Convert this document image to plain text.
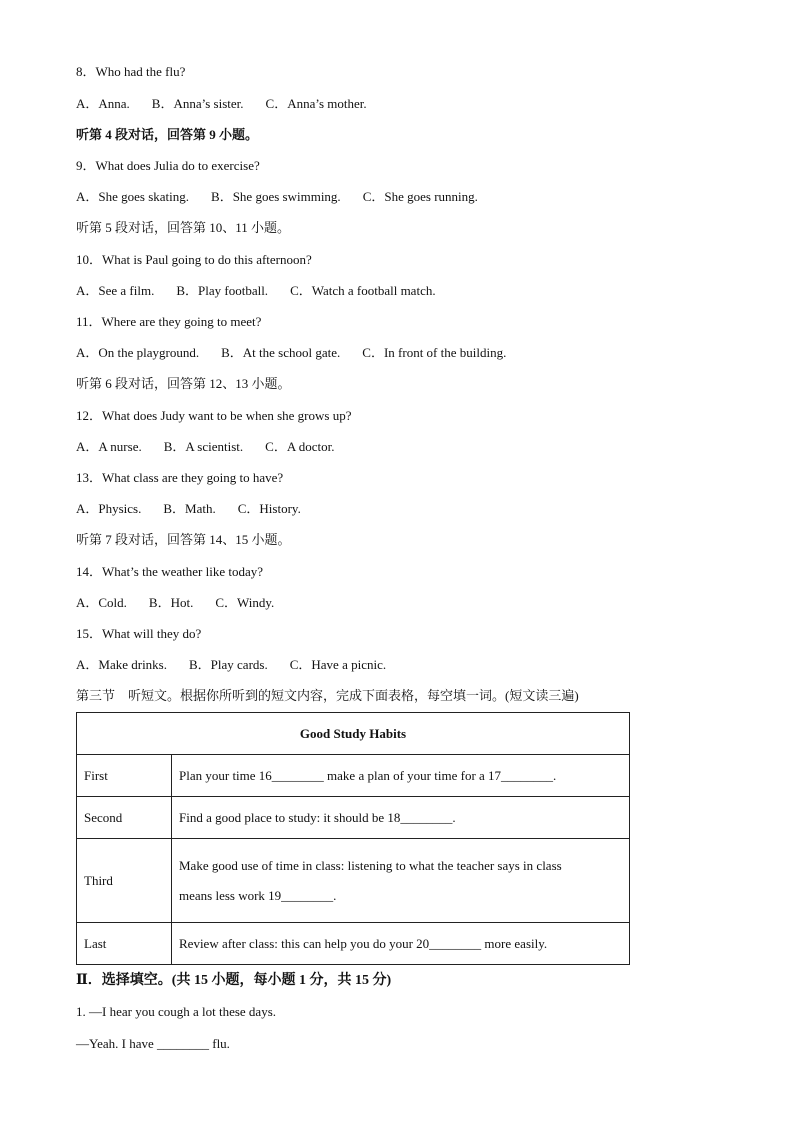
8．Who had the flu?
A．Anna. B．Anna’s sister. C．Anna’s mother.
听第 4 段对话，回答第 9 小题。
9．What does Julia do to exercise?
A．She goes skating. B．She goes swimming. C．She goes running.
听第 5 段对话，回答第 10、11 小题。
10．What is Paul going to do this afternoon?
A．See a film. B．Play football. C．Watch a football match.
11．Where are they going to meet?
A．On the playground. B．At the school gate. C．In front of the building.
听第 6 段对话，回答第 12、13 小题。
12．What does Judy want to be when she grows up?
A．A nurse. B．A scientist. C．A doctor.
13．What class are they going to have?
A．Physics. B．Math. C．History.
听第 7 段对话，回答第 14、15 小题。
14．What’s the weather like today?
A．Cold. B．Hot. C．Windy.
15．What will they do?
A．Make drinks. B．Play cards. C．Have a picnic.
第三节　听短文。根据你所听到的短文内容，完成下面表格，每空填一词。(短文读三遍)
Good Study Habits	
First	Plan your time 16________ make a plan of your time for a 17________.
Second	Find a good place to study: it should be 18________.
Third	Make good use of time in class: listening to what the teacher says in class
means less work 19________.

Last	Review after class: this can help you do your 20________ more easily.
Ⅱ．选择填空。(共 15 小题，每小题 1 分，共 15 分)
1. —I hear you cough a lot these days.
—Yeah. I have ________ flu.
